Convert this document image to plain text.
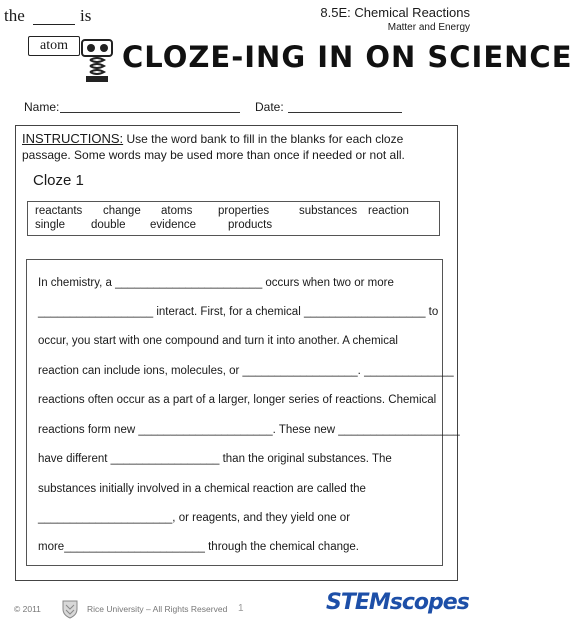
the	is
atom	CLOZE-ING IN ON SCIENCE
8.5E: Chemical Reactions
Matter and Energy
Name:	Date:
INSTRUCTIONS: Use the word bank to fill in the blanks for each cloze passage. Some words may be used more than once if needed or not all.
Cloze 1
reactants change atoms properties	substances reaction
single double evidence	products
In chemistry, a _______________________ occurs when two or more
__________________ interact. First, for a chemical ___________________ to
occur, you start with one compound and turn it into another. A chemical
reaction can include ions, molecules, or __________________. ______________
reactions often occur as a part of a larger, longer series of reactions. Chemical
reactions form new _____________________. These new ___________________
have different _________________ than the original substances. The
substances initially involved in a chemical reaction are called the
_____________________, or reagents, and they yield one or
more______________________ through the chemical change.
© 2011	Rice University – All Rights Reserved 1	STEMscopes
